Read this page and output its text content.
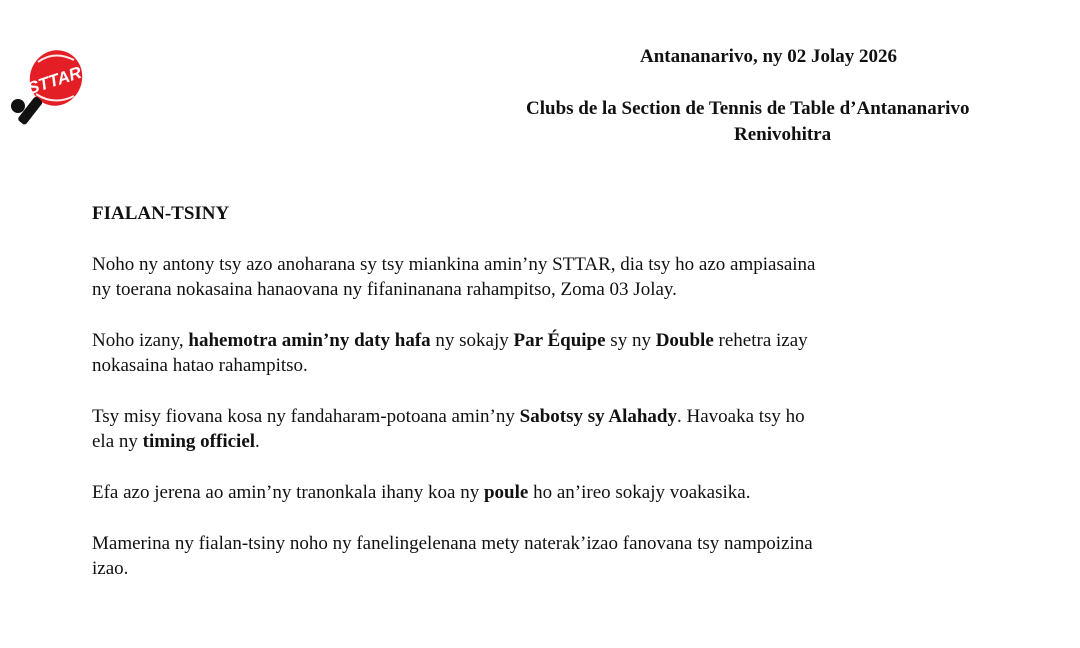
STTAR
Antananarivo, ny 02 Jolay 2026
Clubs de la Section de Tennis de Table d’Antananarivo
Renivohitra
FIALAN-TSINY
Noho ny antony tsy azo anoharana sy tsy miankina amin’ny STTAR, dia tsy ho azo ampiasaina
ny toerana nokasaina hanaovana ny fifaninanana rahampitso, Zoma 03 Jolay.
Noho izany, hahemotra amin’ny daty hafa ny sokajy Par Équipe sy ny Double rehetra izay
nokasaina hatao rahampitso.
Tsy misy fiovana kosa ny fandaharam-potoana amin’ny Sabotsy sy Alahady. Havoaka tsy ho
ela ny timing officiel.
Efa azo jerena ao amin’ny tranonkala ihany koa ny poule ho an’ireo sokajy voakasika.
Mamerina ny fialan-tsiny noho ny fanelingelenana mety naterak’izao fanovana tsy nampoizina
izao.
